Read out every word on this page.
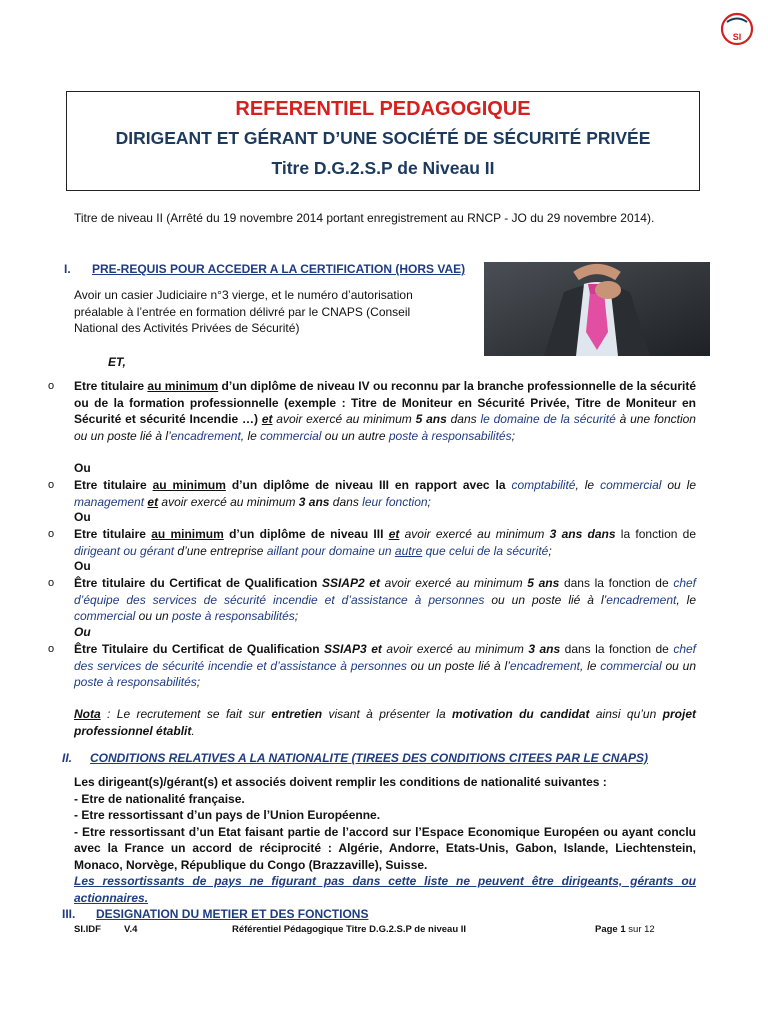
SI
REFERENTIEL PEDAGOGIQUE
DIRIGEANT ET GÉRANT D’UNE SOCIÉTÉ DE SÉCURITÉ PRIVÉE
Titre D.G.2.S.P de Niveau II
Titre de niveau II (Arrêté du 19 novembre 2014 portant enregistrement au RNCP - JO du 29 novembre 2014).
I. PRE-REQUIS POUR ACCEDER A LA CERTIFICATION (HORS VAE)
Avoir un casier Judiciaire n°3 vierge, et le numéro d’autorisation
préalable à l’entrée en formation délivré par le CNAPS (Conseil
National des Activités Privées de Sécurité)
ET,
o Etre titulaire au minimum d’un diplôme de niveau IV ou reconnu par la branche professionnelle de la sécurité ou de la formation professionnelle (exemple : Titre de Moniteur en Sécurité Privée, Titre de Moniteur en Sécurité et sécurité Incendie …) et avoir exercé au minimum 5 ans dans le domaine de la sécurité à une fonction ou un poste lié à l’encadrement, le commercial ou un autre poste à responsabilités;
Ou
o Etre titulaire au minimum d’un diplôme de niveau III en rapport avec la comptabilité, le commercial ou le management et avoir exercé au minimum 3 ans dans leur fonction;
Ou
o Etre titulaire au minimum d’un diplôme de niveau III et avoir exercé au minimum 3 ans dans la fonction de dirigeant ou gérant d’une entreprise aillant pour domaine un autre que celui de la sécurité;
Ou
o Être titulaire du Certificat de Qualification SSIAP2 et avoir exercé au minimum 5 ans dans la fonction de chef d’équipe des services de sécurité incendie et d’assistance à personnes ou un poste lié à l’encadrement, le commercial ou un poste à responsabilités;
Ou
o Être Titulaire du Certificat de Qualification SSIAP3 et avoir exercé au minimum 3 ans dans la fonction de chef des services de sécurité incendie et d’assistance à personnes ou un poste lié à l’encadrement, le commercial ou un poste à responsabilités;
Nota : Le recrutement se fait sur entretien visant à présenter la motivation du candidat ainsi qu’un projet professionnel établit.
II. CONDITIONS RELATIVES A LA NATIONALITE (TIREES DES CONDITIONS CITEES PAR LE CNAPS)
Les dirigeant(s)/gérant(s) et associés doivent remplir les conditions de nationalité suivantes :
- Etre de nationalité française.
- Etre ressortissant d’un pays de l’Union Européenne.
- Etre ressortissant d’un Etat faisant partie de l’accord sur l’Espace Economique Européen ou ayant conclu avec la France un accord de réciprocité : Algérie, Andorre, Etats-Unis, Gabon, Islande, Liechtenstein, Monaco, Norvège, République du Congo (Brazzaville), Suisse.
Les ressortissants de pays ne figurant pas dans cette liste ne peuvent être dirigeants, gérants ou actionnaires.
III. DESIGNATION DU METIER ET DES FONCTIONS
SI.IDF V.4	Référentiel Pédagogique Titre D.G.2.S.P de niveau II	Page 1 sur 12
